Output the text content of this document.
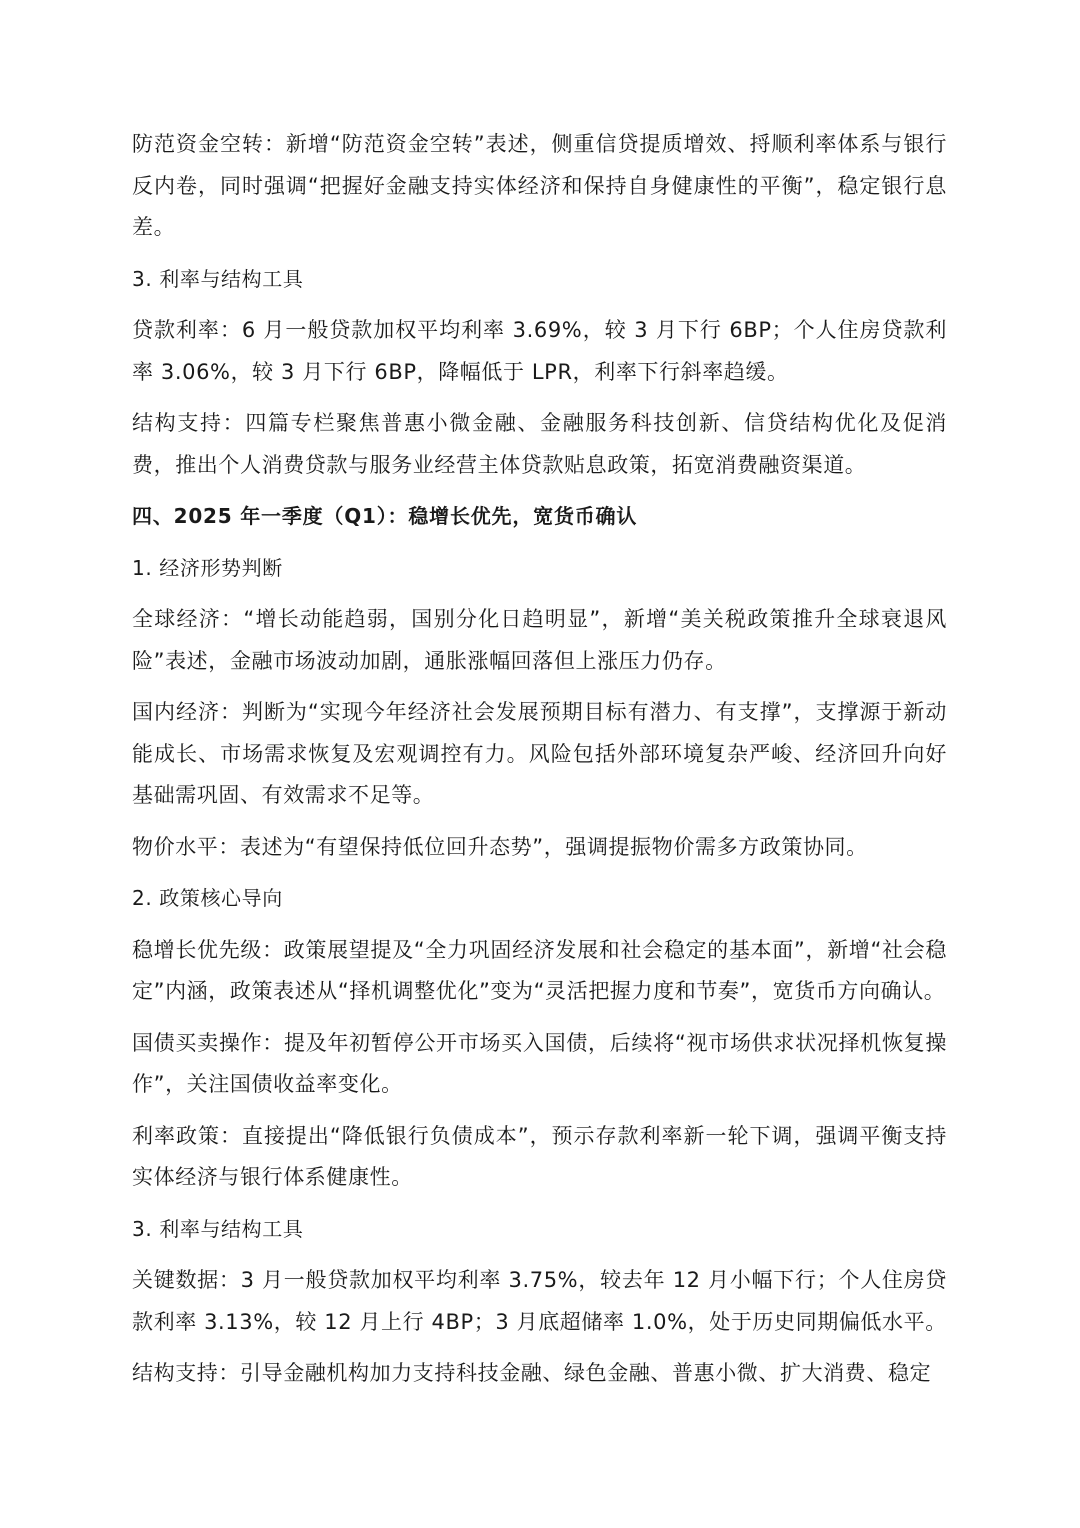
防范资金空转：新增“防范资金空转”表述，侧重信贷提质增效、捋顺利率体系与银行反内卷，同时强调“把握好金融支持实体经济和保持自身健康性的平衡”，稳定银行息差。

3. 利率与结构工具

贷款利率：6 月一般贷款加权平均利率 3.69%，较 3 月下行 6BP；个人住房贷款利率 3.06%，较 3 月下行 6BP，降幅低于 LPR，利率下行斜率趋缓。

结构支持：四篇专栏聚焦普惠小微金融、金融服务科技创新、信贷结构优化及促消费，推出个人消费贷款与服务业经营主体贷款贴息政策，拓宽消费融资渠道。

四、2025 年一季度（Q1）：稳增长优先，宽货币确认

1. 经济形势判断

全球经济：“增长动能趋弱，国别分化日趋明显”，新增“美关税政策推升全球衰退风险”表述，金融市场波动加剧，通胀涨幅回落但上涨压力仍存。

国内经济：判断为“实现今年经济社会发展预期目标有潜力、有支撑”，支撑源于新动能成长、市场需求恢复及宏观调控有力。风险包括外部环境复杂严峻、经济回升向好基础需巩固、有效需求不足等。

物价水平：表述为“有望保持低位回升态势”，强调提振物价需多方政策协同。

2. 政策核心导向

稳增长优先级：政策展望提及“全力巩固经济发展和社会稳定的基本面”，新增“社会稳定”内涵，政策表述从“择机调整优化”变为“灵活把握力度和节奏”，宽货币方向确认。

国债买卖操作：提及年初暂停公开市场买入国债，后续将“视市场供求状况择机恢复操作”，关注国债收益率变化。

利率政策：直接提出“降低银行负债成本”，预示存款利率新一轮下调，强调平衡支持实体经济与银行体系健康性。

3. 利率与结构工具

关键数据：3 月一般贷款加权平均利率 3.75%，较去年 12 月小幅下行；个人住房贷款利率 3.13%，较 12 月上行 4BP；3 月底超储率 1.0%，处于历史同期偏低水平。

结构支持：引导金融机构加力支持科技金融、绿色金融、普惠小微、扩大消费、稳定
